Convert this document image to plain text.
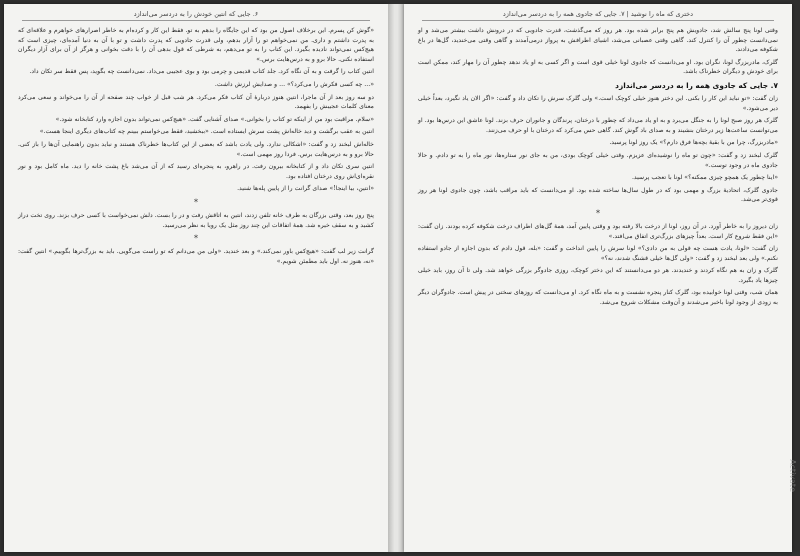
۶. جایی که انتین خودش را به دردسر می‌اندازد

«گوش کن پسرم. این برخلاف اصول من بود که این جایگاه را بدهم به تو. فقط این کار و کرده‌ام به خاطر اصرارهای خواهرم و علاقه‌ای که به پدرت داشتم و داری. من نمی‌خواهم تو را آزار بدهم، ولی قدرت جادویی که پدرت داشت و تو با آن به دنیا آمده‌ای، چیزی است که هیچ‌کس نمی‌تواند نادیده بگیرد. این کتاب را به تو می‌دهم، به شرطی که قول بدهی آن را با دقت بخوانی و هرگز از آن برای آزار دیگران استفاده نکنی. حالا برو و به درس‌هایت برس.»

انتین کتاب را گرفت و به آن نگاه کرد. جلد کتاب قدیمی و چرمی بود و بوی عجیبی می‌داد. نمی‌دانست چه بگوید، پس فقط سر تکان داد.

«... چه کسی فکرش را می‌کرد؟» ... و صدایش لرزش داشت.

دو سه روز بعد از آن ماجرا، انتین هنوز دربارهٔ آن کتاب فکر می‌کرد. هر شب قبل از خواب چند صفحه از آن را می‌خواند و سعی می‌کرد معنای کلمات عجیبش را بفهمد.

«سلام. مراقبت بود من از اینکه تو کتاب را بخوانی.» صدای آشنایی گفت. «هیچ‌کس نمی‌تواند بدون اجازه وارد کتابخانه شود.»

انتین به عقب برگشت و دید خاله‌اش پشت سرش ایستاده است. «ببخشید، فقط می‌خواستم ببینم چه کتاب‌های دیگری اینجا هست.»

خاله‌اش لبخند زد و گفت: «اشکالی ندارد. ولی یادت باشد که بعضی از این کتاب‌ها خطرناک هستند و نباید بدون راهنمایی آن‌ها را باز کنی. حالا برو و به درس‌هایت برس. فردا روز مهمی است.»

انتین سری تکان داد و از کتابخانه بیرون رفت. در راهرو، به پنجره‌ای رسید که از آن می‌شد باغ پشت خانه را دید. ماه کامل بود و نور نقره‌ای‌اش روی درختان افتاده بود.

«انتین، بیا اینجا!» صدای گرانت را از پایین پله‌ها شنید.

*

پنج روز بعد، وقتی بزرگان به طرف خانه تلفن زدند، انتین به اتاقش رفت و در را بست. دلش نمی‌خواست با کسی حرف بزند. روی تخت دراز کشید و به سقف خیره شد. همهٔ اتفاقات این چند روز مثل یک رویا به نظر می‌رسید.

*

گرانت زیر لب گفت: «هیچ‌کس باور نمی‌کند.» و بعد خندید. «ولی من می‌دانم که تو راست می‌گویی. باید به بزرگ‌ترها بگوییم.» انتین گفت: «نه، هنوز نه. اول باید مطمئن شویم.»

دختری که ماه را نوشید | ۷. جایی که جادوی همه را به دردسر می‌اندازد

وقتی لونا پنج سالش شد، جادویش هم پنج برابر شده بود. هر روز که می‌گذشت، قدرت جادویی که در درونش داشت بیشتر می‌شد و او نمی‌دانست چطور آن را کنترل کند. گاهی وقتی عصبانی می‌شد، اشیای اطرافش به پرواز درمی‌آمدند و گاهی وقتی می‌خندید، گل‌ها در باغ شکوفه می‌دادند.

گلرک، مادربزرگ لونا، نگران بود. او می‌دانست که جادوی لونا خیلی قوی است و اگر کسی به او یاد ندهد چطور آن را مهار کند، ممکن است برای خودش و دیگران خطرناک باشد.

۷. جایی که جادوی همه را به دردسر می‌اندازد

زان گفت: «تو نباید این کار را بکنی. این دختر هنوز خیلی کوچک است.» ولی گلرک سرش را تکان داد و گفت: «اگر الان یاد نگیرد، بعداً خیلی دیر می‌شود.»

گلرک هر روز صبح لونا را به جنگل می‌برد و به او یاد می‌داد که چطور با درختان، پرندگان و جانوران حرف بزند. لونا عاشق این درس‌ها بود. او می‌توانست ساعت‌ها زیر درختان بنشیند و به صدای باد گوش کند. گاهی حس می‌کرد که درختان با او حرف می‌زنند.

«مادربزرگ، چرا من با بقیهٔ بچه‌ها فرق دارم؟» یک روز لونا پرسید.

گلرک لبخند زد و گفت: «چون تو ماه را نوشیده‌ای عزیزم. وقتی خیلی کوچک بودی، من به جای نور ستاره‌ها، نور ماه را به تو دادم. و حالا جادوی ماه در وجود توست.»

«اینا چطور یک همچو چیزی ممکنه؟» لونا با تعجب پرسید.

جادوی گلرک، اتحادیهٔ بزرگ و مهمی بود که در طول سال‌ها ساخته شده بود. او می‌دانست که باید مراقب باشد، چون جادوی لونا هر روز قوی‌تر می‌شد.

*

زان دیروز را به خاطر آورد. در آن روز، لونا از درخت بالا رفته بود و وقتی پایین آمد، همهٔ گل‌های اطراف درخت شکوفه کرده بودند. زان گفت: «این فقط شروع کار است. بعداً چیزهای بزرگ‌تری اتفاق می‌افتد.»

زان گفت: «لونا، یادت هست چه قولی به من دادی؟» لونا سرش را پایین انداخت و گفت: «بله، قول دادم که بدون اجازه از جادو استفاده نکنم.» ولی بعد لبخند زد و گفت: «ولی گل‌ها خیلی قشنگ شدند، نه؟»

گلرک و زان به هم نگاه کردند و خندیدند. هر دو می‌دانستند که این دختر کوچک، روزی جادوگر بزرگی خواهد شد. ولی تا آن روز، باید خیلی چیزها یاد بگیرد.

همان شب، وقتی لونا خوابیده بود، گلرک کنار پنجره نشست و به ماه نگاه کرد. او می‌دانست که روزهای سختی در پیش است. جادوگران دیگر به زودی از وجود لونا باخبر می‌شدند و آن‌وقت مشکلات شروع می‌شد.

Activate
